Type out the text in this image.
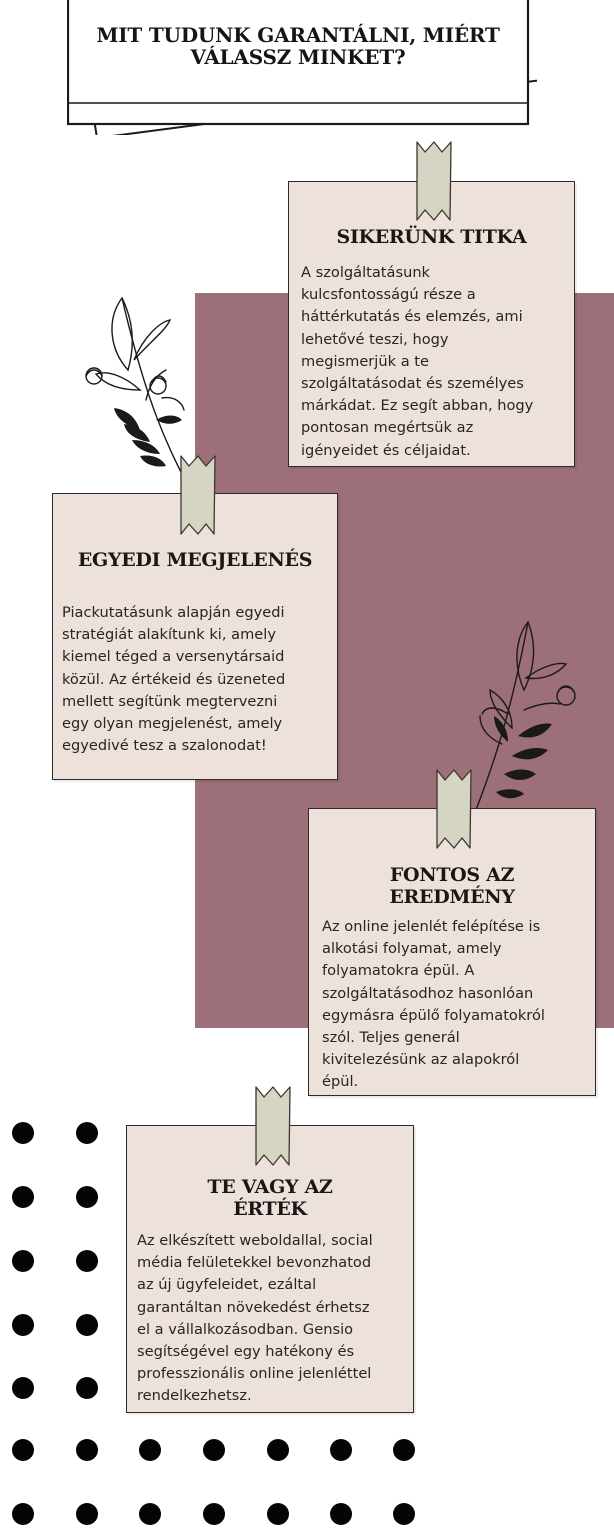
MIT TUDUNK GARANTÁLNI, MIÉRT
VÁLASSZ MINKET?
SIKERÜNK TITKA

A szolgáltatásunk
kulcsfontosságú része a
háttérkutatás és elemzés, ami
lehetővé teszi, hogy
megismerjük a te
szolgáltatásodat és személyes
márkádat. Ez segít abban, hogy
pontosan megértsük az
igényeidet és céljaidat.

EGYEDI MEGJELENÉS

Piackutatásunk alapján egyedi
stratégiát alakítunk ki, amely
kiemel téged a versenytársaid
közül. Az értékeid és üzeneted
mellett segítünk megtervezni
egy olyan megjelenést, amely
egyedivé tesz a szalonodat!

FONTOS AZ
EREDMÉNY

Az online jelenlét felépítése is
alkotási folyamat, amely
folyamatokra épül. A
szolgáltatásodhoz hasonlóan
egymásra épülő folyamatokról
szól. Teljes generál
kivitelezésünk az alapokról
épül.

TE VAGY AZ
ÉRTÉK

Az elkészített weboldallal, social
média felületekkel bevonzhatod
az új ügyfeleidet, ezáltal
garantáltan növekedést érhetsz
el a vállalkozásodban. Gensio
segítségével egy hatékony és
professzionális online jelenléttel
rendelkezhetsz.
